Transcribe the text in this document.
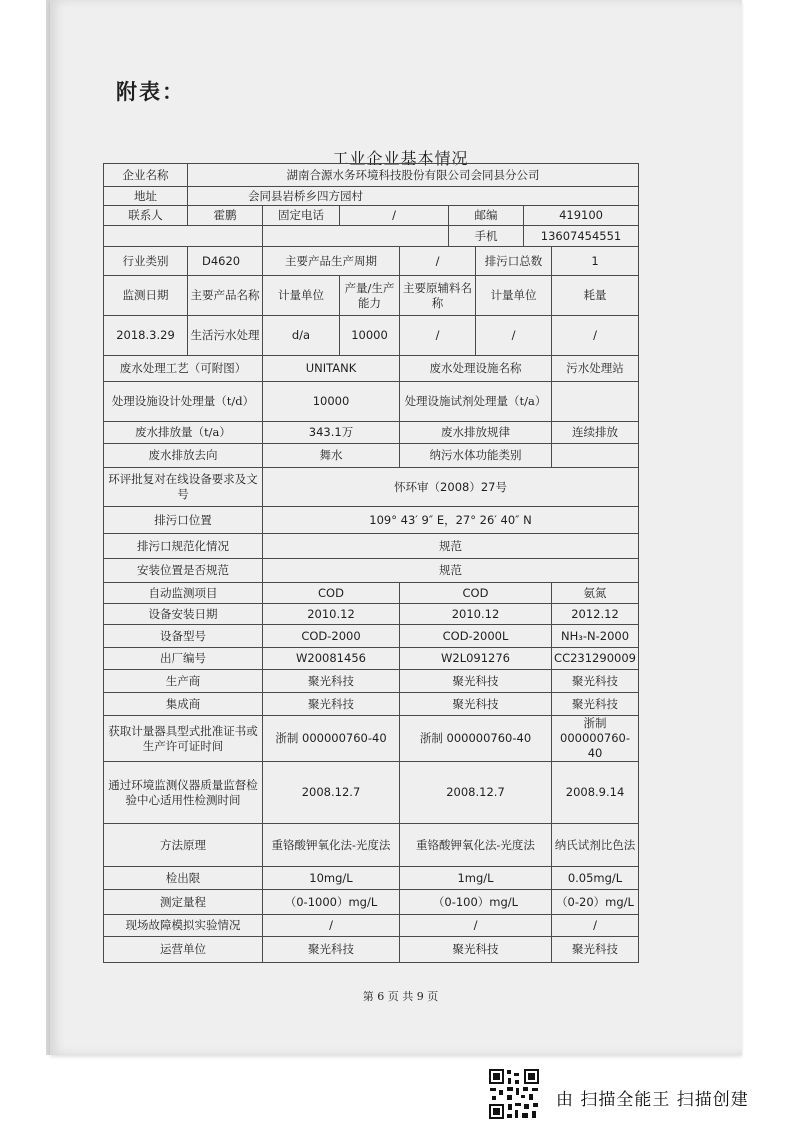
附表：
工业企业基本情况
企业名称	湖南合源水务环境科技股份有限公司会同县分公司							
地址	会同县岩桥乡四方园村							
联系人	霍鹏	固定电话	/		邮编		419100	
					手机		13607454551	
行业类别	D4620	主要产品生产周期		/		排污口总数		1
监测日期	主要产品名称	计量单位	产量/生产能力	主要原辅料名称		计量单位		耗量
2018.3.29	生活污水处理	d/a	10000	/		/		/
废水处理工艺（可附图）		UNITANK		废水处理设施名称				污水处理站
处理设施设计处理量（t/d）		10000		处理设施试剂处理量（t/a）				
废水排放量（t/a）		343.1万		废水排放规律				连续排放
废水排放去向		舞水		纳污水体功能类别				
环评批复对在线设备要求及文号		怀环审（2008）27号						
排污口位置		109° 43′ 9″ E，27° 26′ 40″ N						
排污口规范化情况		规范						
安装位置是否规范		规范						
自动监测项目		COD		COD				氨氮
设备安装日期		2010.12		2010.12				2012.12
设备型号		COD-2000		COD-2000L				NH₃-N-2000
出厂编号		W20081456		W2L091276				CC231290009
生产商		聚光科技		聚光科技				聚光科技
集成商		聚光科技		聚光科技				聚光科技
获取计量器具型式批准证书或生产许可证时间		浙制 000000760-40		浙制 000000760-40				浙制 000000760-40
通过环境监测仪器质量监督检验中心适用性检测时间		2008.12.7		2008.12.7				2008.9.14
方法原理		重铬酸钾氧化法-光度法		重铬酸钾氧化法-光度法				纳氏试剂比色法
检出限		10mg/L		1mg/L				0.05mg/L
测定量程		（0-1000）mg/L		（0-100）mg/L				（0-20）mg/L
现场故障模拟实验情况		/		/				/
运营单位		聚光科技		聚光科技				聚光科技
第 6 页 共 9 页
由 扫描全能王 扫描创建
